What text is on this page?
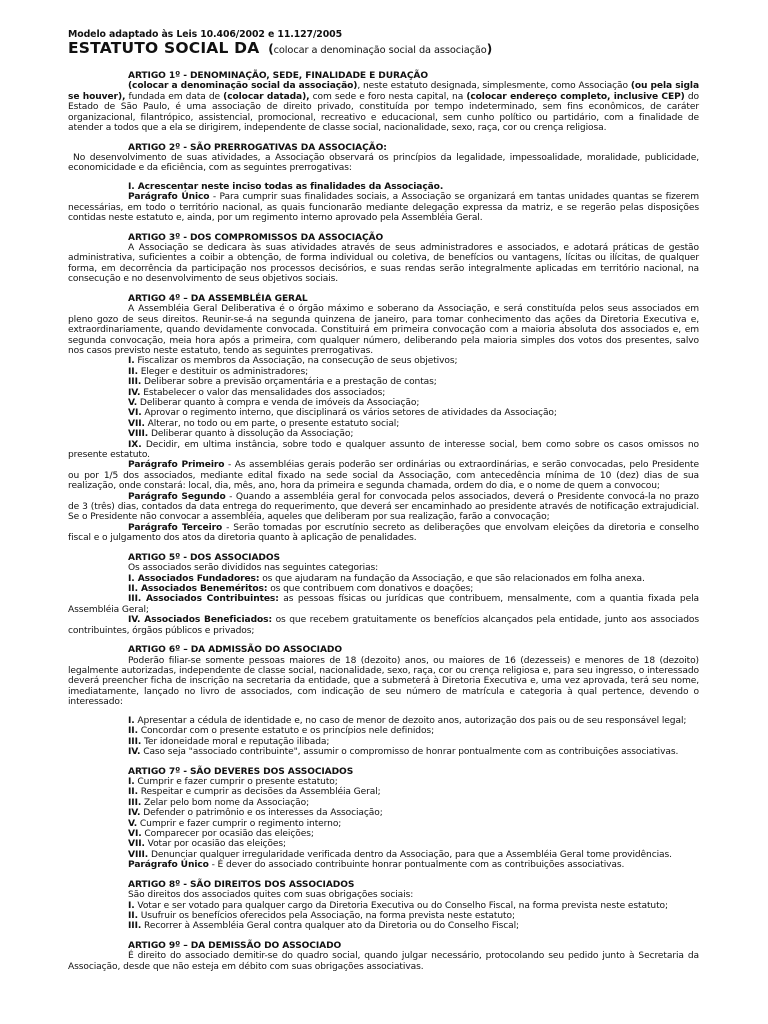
Modelo adaptado às Leis 10.406/2002 e 11.127/2005
ESTATUTO SOCIAL DA (colocar a denominação social da associação)
ARTIGO 1º - DENOMINAÇÃO, SEDE, FINALIDADE E DURAÇÃO

(colocar a denominação social da associação), neste estatuto designada, simplesmente, como Associação (ou pela sigla se houver), fundada em data de (colocar datada), com sede e foro nesta capital, na (colocar endereço completo, inclusive CEP) do Estado de São Paulo, é uma associação de direito privado, constituída por tempo indeterminado, sem fins econômicos, de caráter organizacional, filantrópico, assistencial, promocional, recreativo e educacional, sem cunho político ou partidário, com a finalidade de atender a todos que a ela se dirigirem, independente de classe social, nacionalidade, sexo, raça, cor ou crença religiosa.

ARTIGO 2º - SÃO PRERROGATIVAS DA ASSOCIAÇÃO:

No desenvolvimento de suas atividades, a Associação observará os princípios da legalidade, impessoalidade, moralidade, publicidade, economicidade e da eficiência, com as seguintes prerrogativas:

I. Acrescentar neste inciso todas as finalidades da Associação.

Parágrafo Único - Para cumprir suas finalidades sociais, a Associação se organizará em tantas unidades quantas se fizerem necessárias, em todo o território nacional, as quais funcionarão mediante delegação expressa da matriz, e se regerão pelas disposições contidas neste estatuto e, ainda, por um regimento interno aprovado pela Assembléia Geral.

ARTIGO 3º - DOS COMPROMISSOS DA ASSOCIAÇÃO

A Associação se dedicara às suas atividades através de seus administradores e associados, e adotará práticas de gestão administrativa, suficientes a coibir a obtenção, de forma individual ou coletiva, de benefícios ou vantagens, lícitas ou ilícitas, de qualquer forma, em decorrência da participação nos processos decisórios, e suas rendas serão integralmente aplicadas em território nacional, na consecução e no desenvolvimento de seus objetivos sociais.

ARTIGO 4º – DA ASSEMBLÉIA GERAL

A Assembléia Geral Deliberativa é o órgão máximo e soberano da Associação, e será constituída pelos seus associados em pleno gozo de seus direitos. Reunir-se-á na segunda quinzena de janeiro, para tomar conhecimento das ações da Diretoria Executiva e, extraordinariamente, quando devidamente convocada. Constituirá em primeira convocação com a maioria absoluta dos associados e, em segunda convocação, meia hora após a primeira, com qualquer número, deliberando pela maioria simples dos votos dos presentes, salvo nos casos previsto neste estatuto, tendo as seguintes prerrogativas.

I. Fiscalizar os membros da Associação, na consecução de seus objetivos;

II. Eleger e destituir os administradores;

III. Deliberar sobre a previsão orçamentária e a prestação de contas;

IV. Estabelecer o valor das mensalidades dos associados;

V. Deliberar quanto à compra e venda de imóveis da Associação;

VI. Aprovar o regimento interno, que disciplinará os vários setores de atividades da Associação;

VII. Alterar, no todo ou em parte, o presente estatuto social;

VIII. Deliberar quanto à dissolução da Associação;

IX. Decidir, em ultima instância, sobre todo e qualquer assunto de interesse social, bem como sobre os casos omissos no presente estatuto.

Parágrafo Primeiro - As assembléias gerais poderão ser ordinárias ou extraordinárias, e serão convocadas, pelo Presidente ou por 1/5 dos associados, mediante edital fixado na sede social da Associação, com antecedência mínima de 10 (dez) dias de sua realização, onde constará: local, dia, mês, ano, hora da primeira e segunda chamada, ordem do dia, e o nome de quem a convocou;

Parágrafo Segundo - Quando a assembléia geral for convocada pelos associados, deverá o Presidente convocá-la no prazo de 3 (três) dias, contados da data entrega do requerimento, que deverá ser encaminhado ao presidente através de notificação extrajudicial. Se o Presidente não convocar a assembléia, aqueles que deliberam por sua realização, farão a convocação;

Parágrafo Terceiro - Serão tomadas por escrutínio secreto as deliberações que envolvam eleições da diretoria e conselho fiscal e o julgamento dos atos da diretoria quanto à aplicação de penalidades.

ARTIGO 5º - DOS ASSOCIADOS

Os associados serão divididos nas seguintes categorias:

I. Associados Fundadores: os que ajudaram na fundação da Associação, e que são relacionados em folha anexa.

II. Associados Beneméritos: os que contribuem com donativos e doações;

III. Associados Contribuintes: as pessoas físicas ou jurídicas que contribuem, mensalmente, com a quantia fixada pela Assembléia Geral;

IV. Associados Beneficiados: os que recebem gratuitamente os benefícios alcançados pela entidade, junto aos associados contribuintes, órgãos públicos e privados;

ARTIGO 6º – DA ADMISSÃO DO ASSOCIADO

Poderão filiar-se somente pessoas maiores de 18 (dezoito) anos, ou maiores de 16 (dezesseis) e menores de 18 (dezoito) legalmente autorizadas, independente de classe social, nacionalidade, sexo, raça, cor ou crença religiosa e, para seu ingresso, o interessado deverá preencher ficha de inscrição na secretaria da entidade, que a submeterá à Diretoria Executiva e, uma vez aprovada, terá seu nome, imediatamente, lançado no livro de associados, com indicação de seu número de matrícula e categoria à qual pertence, devendo o interessado:

I. Apresentar a cédula de identidade e, no caso de menor de dezoito anos, autorização dos pais ou de seu responsável legal;

II. Concordar com o presente estatuto e os princípios nele definidos;

III. Ter idoneidade moral e reputação ilibada;

IV. Caso seja "associado contribuinte", assumir o compromisso de honrar pontualmente com as contribuições associativas.

ARTIGO 7º - SÃO DEVERES DOS ASSOCIADOS

I. Cumprir e fazer cumprir o presente estatuto;

II. Respeitar e cumprir as decisões da Assembléia Geral;

III. Zelar pelo bom nome da Associação;

IV. Defender o patrimônio e os interesses da Associação;

V. Cumprir e fazer cumprir o regimento interno;

VI. Comparecer por ocasião das eleições;

VII. Votar por ocasião das eleições;

VIII. Denunciar qualquer irregularidade verificada dentro da Associação, para que a Assembléia Geral tome providências.

Parágrafo Único - É dever do associado contribuinte honrar pontualmente com as contribuições associativas.

ARTIGO 8º - SÃO DIREITOS DOS ASSOCIADOS

São direitos dos associados quites com suas obrigações sociais:

I. Votar e ser votado para qualquer cargo da Diretoria Executiva ou do Conselho Fiscal, na forma prevista neste estatuto;

II. Usufruir os benefícios oferecidos pela Associação, na forma prevista neste estatuto;

III. Recorrer à Assembléia Geral contra qualquer ato da Diretoria ou do Conselho Fiscal;

ARTIGO 9º – DA DEMISSÃO DO ASSOCIADO

É direito do associado demitir-se do quadro social, quando julgar necessário, protocolando seu pedido junto à Secretaria da Associação, desde que não esteja em débito com suas obrigações associativas.
